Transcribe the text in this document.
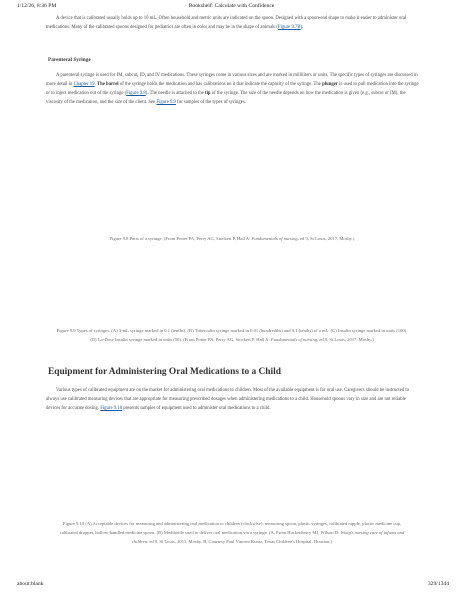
1/12/26, 8:36 PM	Bookshelf: Calculate with Confidence

A device that is calibrated usually holds up to 10 mL. Often household and metric units are indicated on the spoon. Designed with a spoon-end shape to make it easier to administer oral medications. Many of the calibrated spoons designed for pediatrics are often in color and may be in the shape of animals (Figure 9.7B).

Parenteral Syringe

A parenteral syringe is used for IM, subcut, ID, and IV medications. These syringes come in various sizes and are marked in milliliters or units. The specific types of syringes are discussed in more detail in Chapter 19. The barrel of the syringe holds the medication and has calibrations on it that indicate the capacity of the syringe. The plunger is used to pull medication into the syringe or to inject medication out of the syringe (Figure 9.8). The needle is attached to the tip of the syringe. The size of the needle depends on how the medication is given (e.g., subcut or IM), the viscosity of the medication, and the size of the client. See Figure 9.9 for samples of the types of syringes.

Figure 9.8 Parts of a syringe. (From Potter PA, Perry AG, Stockert P, Hall A: Fundamentals of nursing, ed 9, St Louis, 2017, Mosby.)
Figure 9.9 Types of syringes. (A) 3-mL syringe marked in 0.1 (tenths). (B) Tuberculin syringe marked in 0.01 (hundredths) and 0.1 (tenths) of a mL. (C) Insulin syringe marked in units (100). (D) Lo-Dose Insulin syringe marked in units (50). (From Potter PA, Perry AG, Stockert P, Hall A: Fundamentals of nursing, ed 9, St Louis, 2017, Mosby.)
Equipment for Administering Oral Medications to a Child

Various types of calibrated equipment are on the market for administering oral medications to children. Most of the available equipment is for oral use. Caregivers should be instructed to always use calibrated measuring devices that are appropriate for measuring prescribed dosages when administering medications to a child. Household spoons vary in size and are not reliable devices for accurate dosing. Figure 9.10 presents samples of equipment used to administer oral medications to a child.

Figure 9.10 (A) Acceptable devices for measuring and administering oral medication to children (clockwise): measuring spoon, plastic syringes, calibrated nipple, plastic medicine cup, calibrated dropper, hollow-handled medicine spoon. (B) Medibottle used to deliver oral medication via a syringe. (A, From Hockenberry MJ, Wilson D: Wong's nursing care of infants and children, ed 9, St Louis, 2011, Mosby. B, Courtesy Paul Vincent Kuntz, Texas Children's Hospital, Houston.)
about:blank	329/1344
